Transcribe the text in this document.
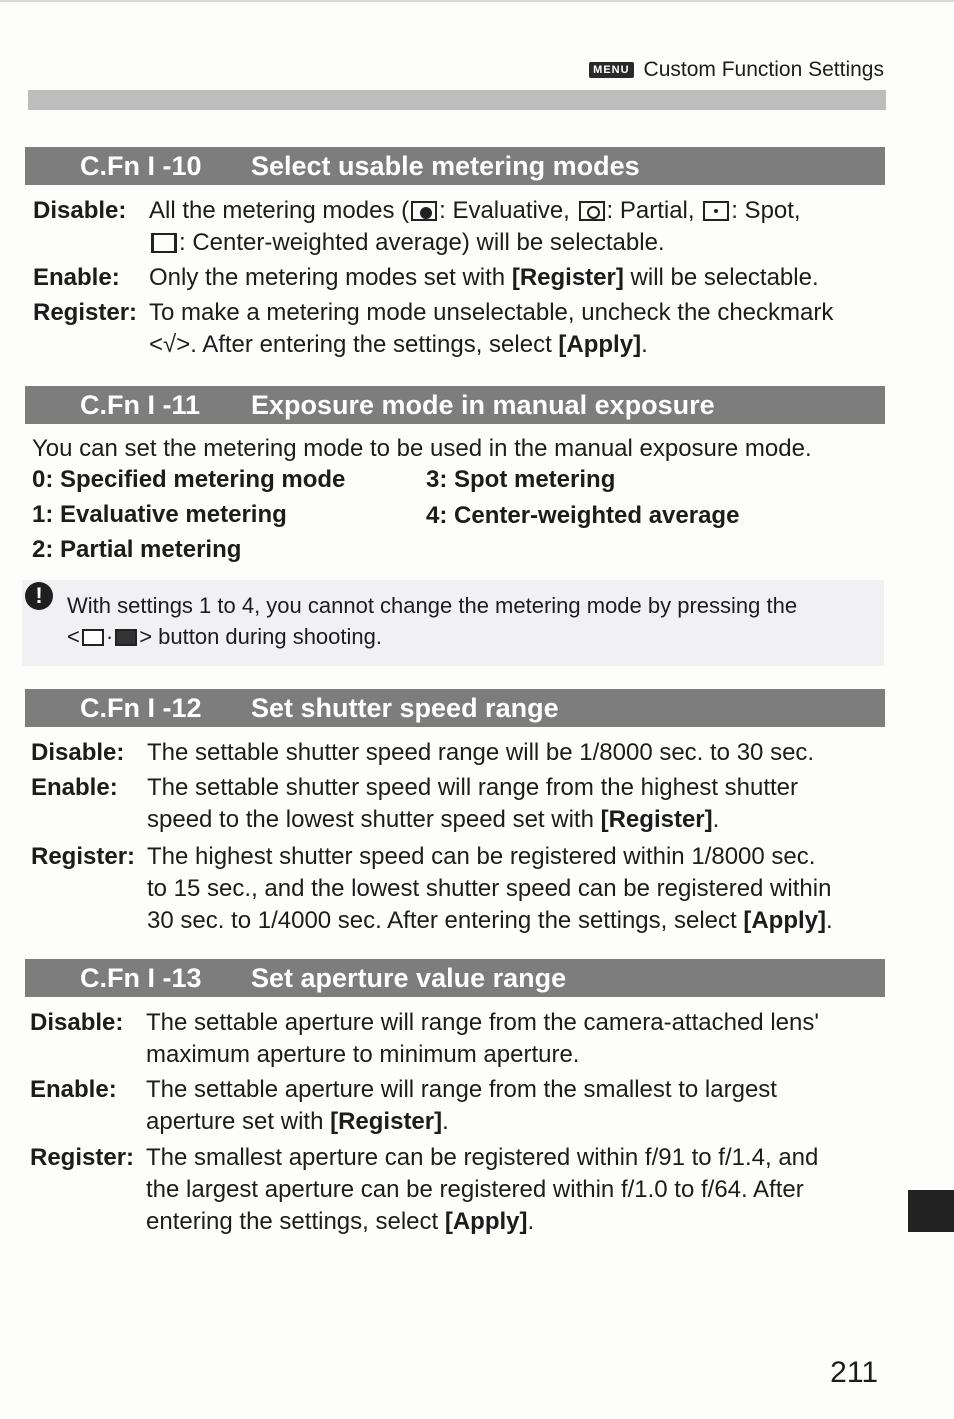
MENU Custom Function Settings
C.Fn I -10 Select usable metering modes
Disable: All the metering modes ( : Evaluative, : Partial, : Spot,
: Center-weighted average) will be selectable.
Enable: Only the metering modes set with [Register] will be selectable.
Register: To make a metering mode unselectable, uncheck the checkmark
<√>. After entering the settings, select [Apply].
C.Fn I -11 Exposure mode in manual exposure
You can set the metering mode to be used in the manual exposure mode.
0: Specified metering mode
1: Evaluative metering
2: Partial metering
3: Spot metering
4: Center-weighted average
!	With settings 1 to 4, you cannot change the metering mode by pressing the
< · > button during shooting.
C.Fn I -12 Set shutter speed range
Disable: The settable shutter speed range will be 1/8000 sec. to 30 sec.
Enable: The settable shutter speed will range from the highest shutter
speed to the lowest shutter speed set with [Register].
Register: The highest shutter speed can be registered within 1/8000 sec.
to 15 sec., and the lowest shutter speed can be registered within
30 sec. to 1/4000 sec. After entering the settings, select [Apply].
C.Fn I -13 Set aperture value range
Disable: The settable aperture will range from the camera-attached lens'
maximum aperture to minimum aperture.
Enable: The settable aperture will range from the smallest to largest
aperture set with [Register].
Register: The smallest aperture can be registered within f/91 to f/1.4, and
the largest aperture can be registered within f/1.0 to f/64. After
entering the settings, select [Apply].
211
